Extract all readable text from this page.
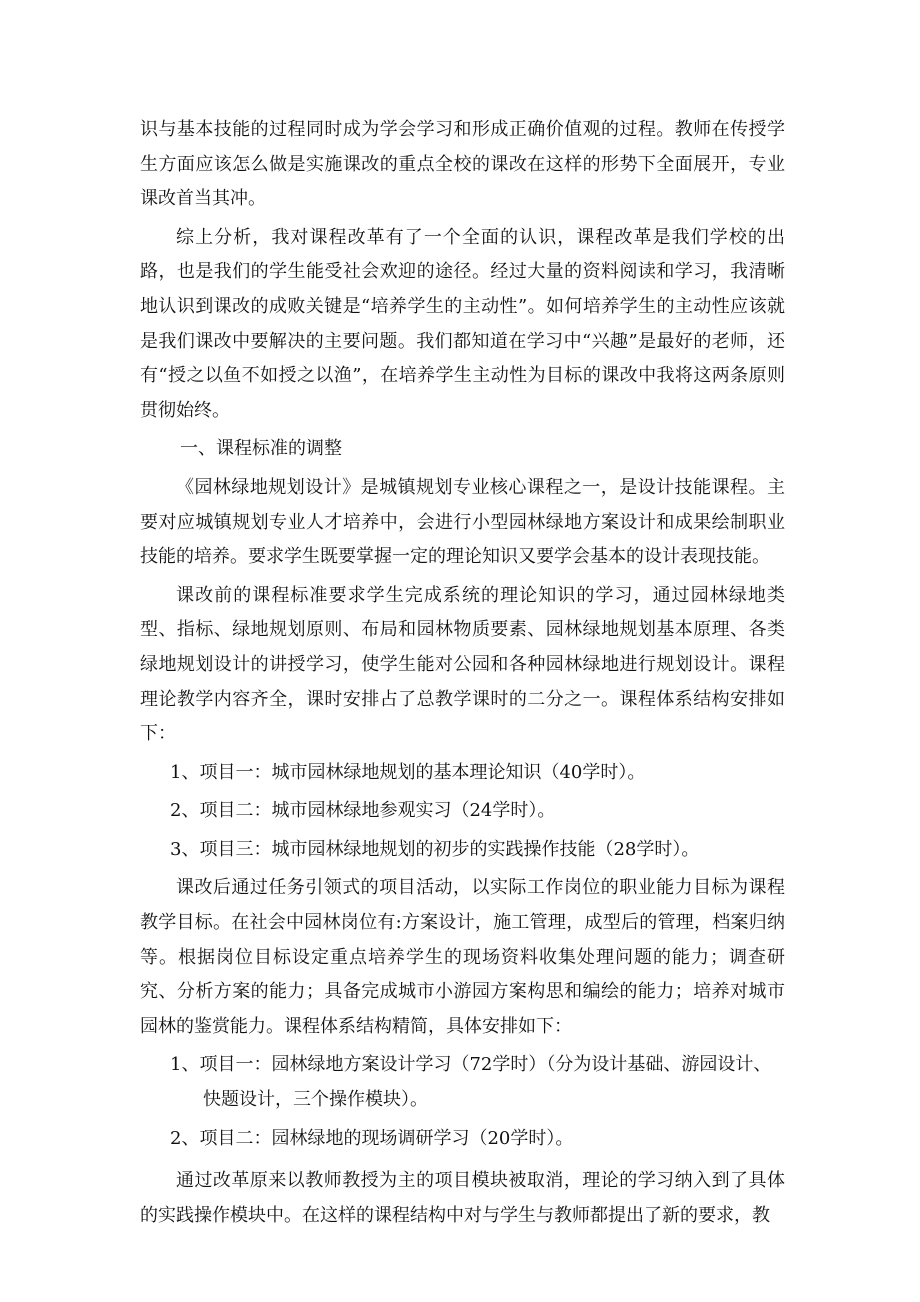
识与基本技能的过程同时成为学会学习和形成正确价值观的过程。教师在传授学生方面应该怎么做是实施课改的重点全校的课改在这样的形势下全面展开，专业课改首当其冲。

综上分析，我对课程改革有了一个全面的认识，课程改革是我们学校的出路，也是我们的学生能受社会欢迎的途径。经过大量的资料阅读和学习，我清晰地认识到课改的成败关键是“培养学生的主动性”。如何培养学生的主动性应该就是我们课改中要解决的主要问题。我们都知道在学习中“兴趣”是最好的老师，还有“授之以鱼不如授之以渔”，在培养学生主动性为目标的课改中我将这两条原则贯彻始终。

一、课程标准的调整

《园林绿地规划设计》是城镇规划专业核心课程之一，是设计技能课程。主要对应城镇规划专业人才培养中，会进行小型园林绿地方案设计和成果绘制职业技能的培养。要求学生既要掌握一定的理论知识又要学会基本的设计表现技能。

课改前的课程标准要求学生完成系统的理论知识的学习，通过园林绿地类型、指标、绿地规划原则、布局和园林物质要素、园林绿地规划基本原理、各类绿地规划设计的讲授学习，使学生能对公园和各种园林绿地进行规划设计。课程理论教学内容齐全，课时安排占了总教学课时的二分之一。课程体系结构安排如下：

1、项目一：城市园林绿地规划的基本理论知识（40学时）。

2、项目二：城市园林绿地参观实习（24学时）。

3、项目三：城市园林绿地规划的初步的实践操作技能（28学时）。

课改后通过任务引领式的项目活动，以实际工作岗位的职业能力目标为课程教学目标。在社会中园林岗位有:方案设计，施工管理，成型后的管理，档案归纳等。根据岗位目标设定重点培养学生的现场资料收集处理问题的能力；调查研究、分析方案的能力；具备完成城市小游园方案构思和编绘的能力；培养对城市园林的鉴赏能力。课程体系结构精简，具体安排如下：

1、项目一：园林绿地方案设计学习（72学时）（分为设计基础、游园设计、

快题设计，三个操作模块）。

2、项目二：园林绿地的现场调研学习（20学时）。

通过改革原来以教师教授为主的项目模块被取消，理论的学习纳入到了具体的实践操作模块中。在这样的课程结构中对与学生与教师都提出了新的要求，教
